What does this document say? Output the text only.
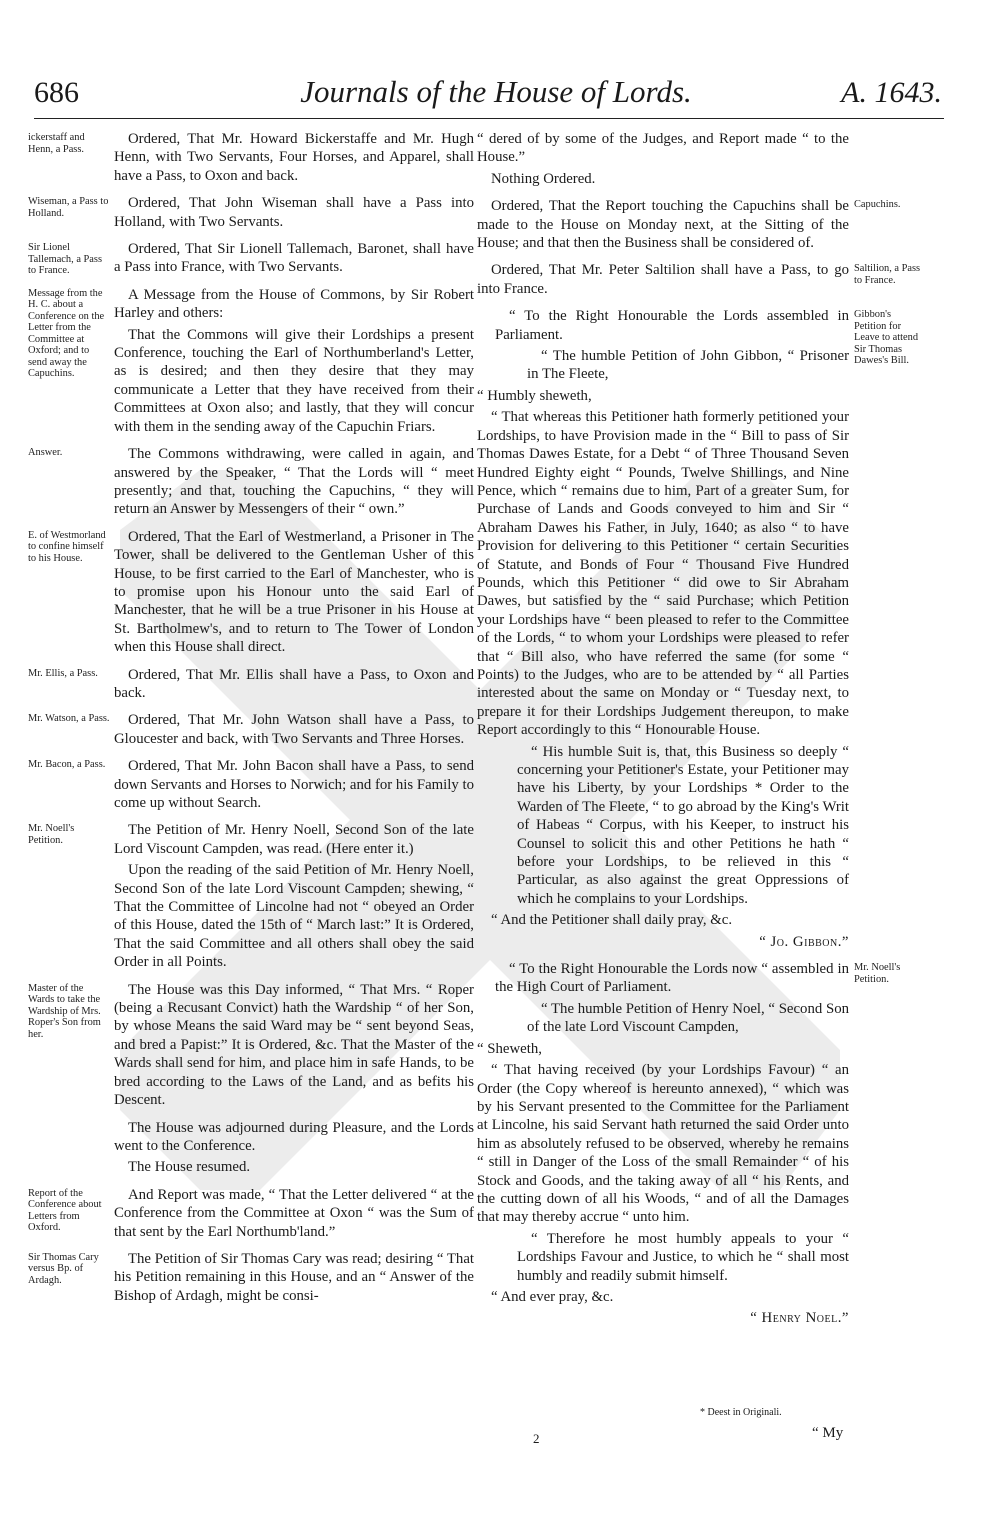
686	Journals of the House of Lords.	A. 1643.
ickerstaff and Henn, a Pass.

Ordered, That Mr. Howard Bickerstaffe and Mr. Hugh Henn, with Two Servants, Four Horses, and Apparel, shall have a Pass, to Oxon and back.

Wiseman, a Pass to Holland.

Ordered, That John Wiseman shall have a Pass into Holland, with Two Servants.

Sir Lionel Tallemach, a Pass to France.

Ordered, That Sir Lionell Tallemach, Baronet, shall have a Pass into France, with Two Servants.

Message from the H. C. about a Conference on the Letter from the Committee at Oxford; and to send away the Capuchins.

A Message from the House of Commons, by Sir Robert Harley and others:

That the Commons will give their Lordships a present Conference, touching the Earl of Northumberland's Letter, as is desired; and then they desire that they may communicate a Letter that they have received from their Committees at Oxon also; and lastly, that they will concur with them in the sending away of the Capuchin Friars.

Answer.	The Commons withdrawing, were called in again, and answered by the Speaker, “ That the Lords will “ meet presently; and that, touching the Capuchins, “ they will return an Answer by Messengers of their “ own.”

E. of Westmorland to confine himself to his House.

Ordered, That the Earl of Westmerland, a Prisoner in The Tower, shall be delivered to the Gentleman Usher of this House, to be first carried to the Earl of Manchester, who is to promise upon his Honour unto the said Earl of Manchester, that he will be a true Prisoner in his House at St. Bartholmew's, and to return to The Tower of London when this House shall direct.

Mr. Ellis, a Pass.	Ordered, That Mr. Ellis shall have a Pass, to Oxon and back.

Mr. Watson, a Pass.	Ordered, That Mr. John Watson shall have a Pass, to Gloucester and back, with Two Servants and Three Horses.

Mr. Bacon, a Pass.	Ordered, That Mr. John Bacon shall have a Pass, to send down Servants and Horses to Norwich; and for his Family to come up without Search.

Mr. Noell's Petition.

The Petition of Mr. Henry Noell, Second Son of the late Lord Viscount Campden, was read. (Here enter it.)

Upon the reading of the said Petition of Mr. Henry Noell, Second Son of the late Lord Viscount Campden; shewing, “ That the Committee of Lincolne had not “ obeyed an Order of this House, dated the 15th of “ March last:” It is Ordered, That the said Committee and all others shall obey the said Order in all Points.

Master of the Wards to take the Wardship of Mrs. Roper's Son from her.

The House was this Day informed, “ That Mrs. “ Roper (being a Recusant Convict) hath the Wardship “ of her Son, by whose Means the said Ward may be “ sent beyond Seas, and bred a Papist:” It is Ordered, &c. That the Master of the Wards shall send for him, and place him in safe Hands, to be bred according to the Laws of the Land, and as befits his Descent.

The House was adjourned during Pleasure, and the Lords went to the Conference.

The House resumed.

Report of the Conference about Letters from Oxford.

And Report was made, “ That the Letter delivered “ at the Conference from the Committee at Oxon “ was the Sum of that sent by the Earl Northumb'land.”

Sir Thomas Cary versus Bp. of Ardagh.

The Petition of Sir Thomas Cary was read; desiring “ That his Petition remaining in this House, and an “ Answer of the Bishop of Ardagh, might be consi-

“ dered of by some of the Judges, and Report made “ to the House.”

Nothing Ordered.

Capuchins.

Ordered, That the Report touching the Capuchins shall be made to the House on Monday next, at the Sitting of the House; and that then the Business shall be considered of.

Saltilion, a Pass to France.

Ordered, That Mr. Peter Saltilion shall have a Pass, to go into France.

Gibbon's Petition for Leave to attend Sir Thomas Dawes's Bill.

“ To the Right Honourable the Lords assembled in Parliament.

“ The humble Petition of John Gibbon, “ Prisoner in The Fleete,

“ Humbly sheweth,

“ That whereas this Petitioner hath formerly petitioned your Lordships, to have Provision made in the “ Bill to pass of Sir Thomas Dawes Estate, for a Debt “ of Three Thousand Seven Hundred Eighty eight “ Pounds, Twelve Shillings, and Nine Pence, which “ remains due to him, Part of a greater Sum, for Purchase of Lands and Goods conveyed to him and Sir “ Abraham Dawes his Father, in July, 1640; as also “ to have Provision for delivering to this Petitioner “ certain Securities of Statute, and Bonds of Four “ Thousand Five Hundred Pounds, which this Petitioner “ did owe to Sir Abraham Dawes, but satisfied by the “ said Purchase; which Petition your Lordships have “ been pleased to refer to the Committee of the Lords, “ to whom your Lordships were pleased to refer that “ Bill also, who have referred the same (for some “ Points) to the Judges, who are to be attended by “ all Parties interested about the same on Monday or “ Tuesday next, to prepare it for their Lordships Judgement thereupon, to make Report accordingly to this “ Honourable House.

“ His humble Suit is, that, this Business so deeply “ concerning your Petitioner's Estate, your Petitioner may have his Liberty, by your Lordships * Order to the Warden of The Fleete, “ to go abroad by the King's Writ of Habeas “ Corpus, with his Keeper, to instruct his Counsel to solicit this and other Petitions he hath “ before your Lordships, to be relieved in this “ Particular, as also against the great Oppressions of which he complains to your Lordships.

“ And the Petitioner shall daily pray, &c.

“ Jo. Gibbon.”

Mr. Noell's Petition.

“ To the Right Honourable the Lords now “ assembled in the High Court of Parliament.

“ The humble Petition of Henry Noel, “ Second Son of the late Lord Viscount Campden,

“ Sheweth,

“ That having received (by your Lordships Favour) “ an Order (the Copy whereof is hereunto annexed), “ which was by his Servant presented to the Committee for the Parliament at Lincolne, his said Servant hath returned the said Order unto him as absolutely refused to be observed, whereby he remains “ still in Danger of the Loss of the small Remainder “ of his Stock and Goods, and the taking away of all “ his Rents, and the cutting down of all his Woods, “ and of all the Damages that may thereby accrue “ unto him.

“ Therefore he most humbly appeals to your “ Lordships Favour and Justice, to which he “ shall most humbly and readily submit himself.

“ And ever pray, &c.

“ Henry Noel.”

* Deest in Originali.
2	“ My
